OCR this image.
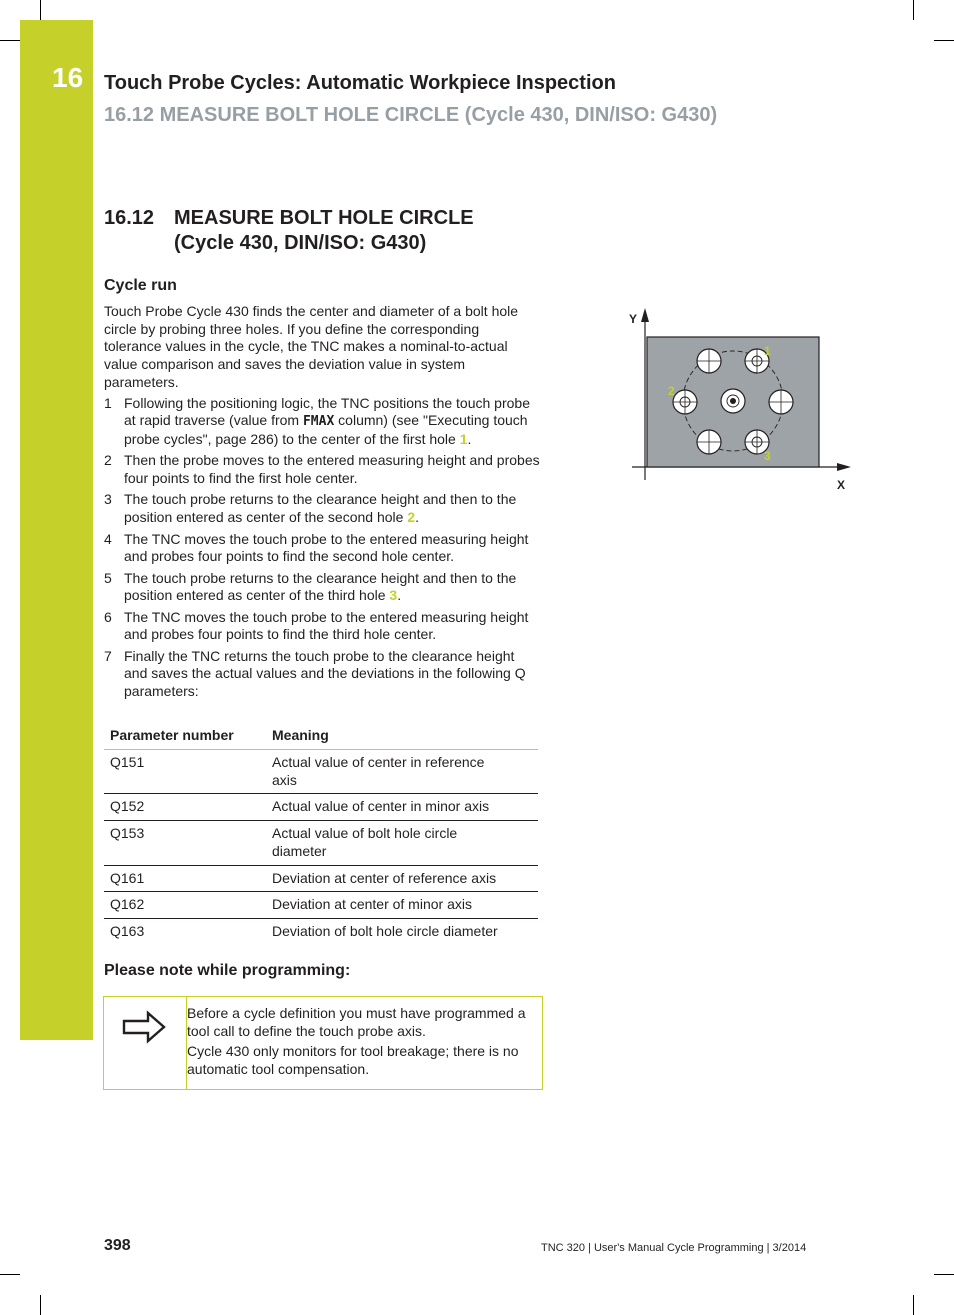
16 Touch Probe Cycles: Automatic Workpiece Inspection
16.12 MEASURE BOLT HOLE CIRCLE (Cycle 430, DIN/ISO: G430)
16.12 MEASURE BOLT HOLE CIRCLE
(Cycle 430, DIN/ISO: G430)
Cycle run

Touch Probe Cycle 430 finds the center and diameter of a bolt hole circle by probing three holes. If you define the corresponding tolerance values in the cycle, the TNC makes a nominal-to-actual value comparison and saves the deviation value in system parameters.

1 Following the positioning logic, the TNC positions the touch probe at rapid traverse (value from FMAX column) (see "Executing touch probe cycles", page 286) to the center of the first hole 1.
2 Then the probe moves to the entered measuring height and probes four points to find the first hole center.
3 The touch probe returns to the clearance height and then to the position entered as center of the second hole 2.
4 The TNC moves the touch probe to the entered measuring height and probes four points to find the second hole center.
5 The touch probe returns to the clearance height and then to the position entered as center of the third hole 3.
6 The TNC moves the touch probe to the entered measuring height and probes four points to find the third hole center.
7 Finally the TNC returns the touch probe to the clearance height and saves the actual values and the deviations in the following Q parameters:
Parameter number	Meaning
Q151	Actual value of center in reference axis
Q152	Actual value of center in minor axis
Q153	Actual value of bolt hole circle diameter
Q161	Deviation at center of reference axis
Q162	Deviation at center of minor axis
Q163	Deviation of bolt hole circle diameter
Please note while programming:

Before a cycle definition you must have programmed a tool call to define the touch probe axis.

Cycle 430 only monitors for tool breakage; there is no automatic tool compensation.

Y
X
1
2
3
398	TNC 320 | User's Manual Cycle Programming | 3/2014
